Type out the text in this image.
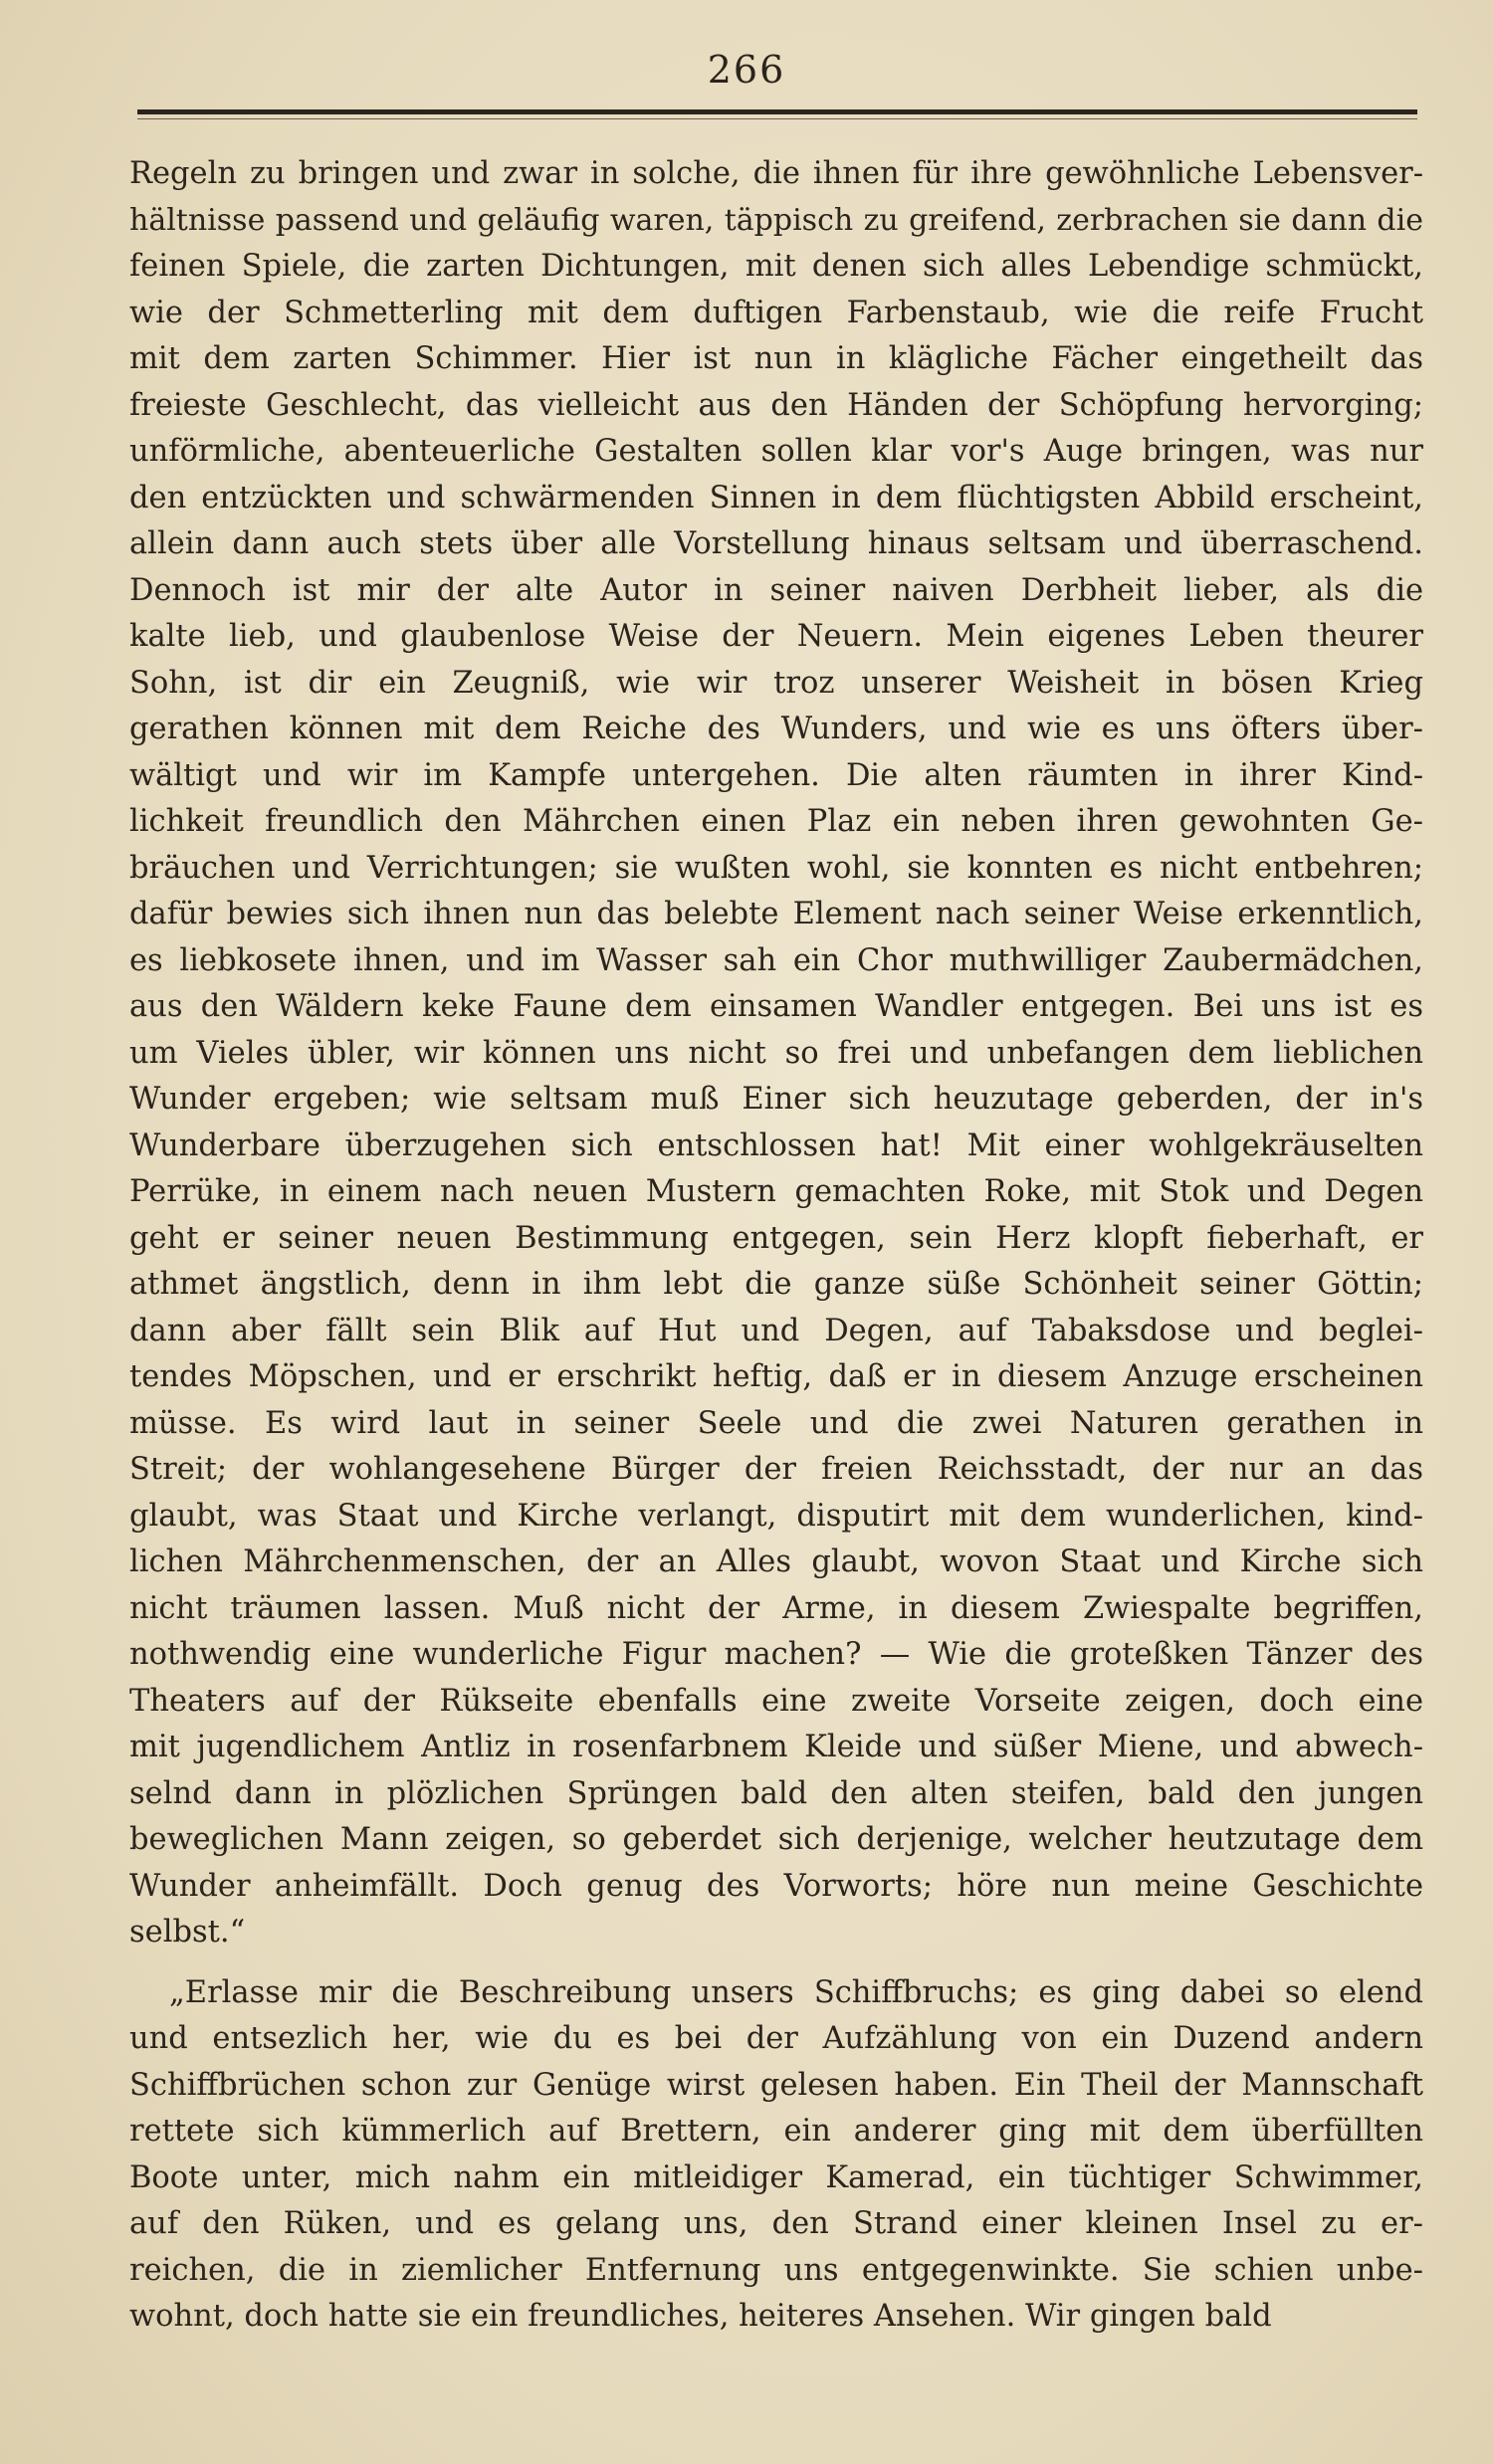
266
Regeln zu bringen und zwar in solche, die ihnen für ihre gewöhnliche Lebensver-
hältnisse passend und geläufig waren, täppisch zu greifend, zerbrachen sie dann die
feinen Spiele, die zarten Dichtungen, mit denen sich alles Lebendige schmückt,
wie der Schmetterling mit dem duftigen Farbenstaub, wie die reife Frucht
mit dem zarten Schimmer. Hier ist nun in klägliche Fächer eingetheilt das
freieste Geschlecht, das vielleicht aus den Händen der Schöpfung hervorging;
unförmliche, abenteuerliche Gestalten sollen klar vor's Auge bringen, was nur
den entzückten und schwärmenden Sinnen in dem flüchtigsten Abbild erscheint,
allein dann auch stets über alle Vorstellung hinaus seltsam und überraschend.
Dennoch ist mir der alte Autor in seiner naiven Derbheit lieber, als die
kalte lieb, und glaubenlose Weise der Neuern. Mein eigenes Leben theurer
Sohn, ist dir ein Zeugniß, wie wir troz unserer Weisheit in bösen Krieg
gerathen können mit dem Reiche des Wunders, und wie es uns öfters über-
wältigt und wir im Kampfe untergehen. Die alten räumten in ihrer Kind-
lichkeit freundlich den Mährchen einen Plaz ein neben ihren gewohnten Ge-
bräuchen und Verrichtungen; sie wußten wohl, sie konnten es nicht entbehren;
dafür bewies sich ihnen nun das belebte Element nach seiner Weise erkenntlich,
es liebkosete ihnen, und im Wasser sah ein Chor muthwilliger Zaubermädchen,
aus den Wäldern keke Faune dem einsamen Wandler entgegen. Bei uns ist es
um Vieles übler, wir können uns nicht so frei und unbefangen dem lieblichen
Wunder ergeben; wie seltsam muß Einer sich heuzutage geberden, der in's
Wunderbare überzugehen sich entschlossen hat! Mit einer wohlgekräuselten
Perrüke, in einem nach neuen Mustern gemachten Roke, mit Stok und Degen
geht er seiner neuen Bestimmung entgegen, sein Herz klopft fieberhaft, er
athmet ängstlich, denn in ihm lebt die ganze süße Schönheit seiner Göttin;
dann aber fällt sein Blik auf Hut und Degen, auf Tabaksdose und beglei-
tendes Möpschen, und er erschrikt heftig, daß er in diesem Anzuge erscheinen
müsse. Es wird laut in seiner Seele und die zwei Naturen gerathen in
Streit; der wohlangesehene Bürger der freien Reichsstadt, der nur an das
glaubt, was Staat und Kirche verlangt, disputirt mit dem wunderlichen, kind-
lichen Mährchenmenschen, der an Alles glaubt, wovon Staat und Kirche sich
nicht träumen lassen. Muß nicht der Arme, in diesem Zwiespalte begriffen,
nothwendig eine wunderliche Figur machen? — Wie die groteßken Tänzer des
Theaters auf der Rükseite ebenfalls eine zweite Vorseite zeigen, doch eine
mit jugendlichem Antliz in rosenfarbnem Kleide und süßer Miene, und abwech-
selnd dann in plözlichen Sprüngen bald den alten steifen, bald den jungen
beweglichen Mann zeigen, so geberdet sich derjenige, welcher heutzutage dem
Wunder anheimfällt. Doch genug des Vorworts; höre nun meine Geschichte
selbst.“
„Erlasse mir die Beschreibung unsers Schiffbruchs; es ging dabei so elend
und entsezlich her, wie du es bei der Aufzählung von ein Duzend andern
Schiffbrüchen schon zur Genüge wirst gelesen haben. Ein Theil der Mannschaft
rettete sich kümmerlich auf Brettern, ein anderer ging mit dem überfüllten
Boote unter, mich nahm ein mitleidiger Kamerad, ein tüchtiger Schwimmer,
auf den Rüken, und es gelang uns, den Strand einer kleinen Insel zu er-
reichen, die in ziemlicher Entfernung uns entgegenwinkte. Sie schien unbe-
wohnt, doch hatte sie ein freundliches, heiteres Ansehen. Wir gingen bald
